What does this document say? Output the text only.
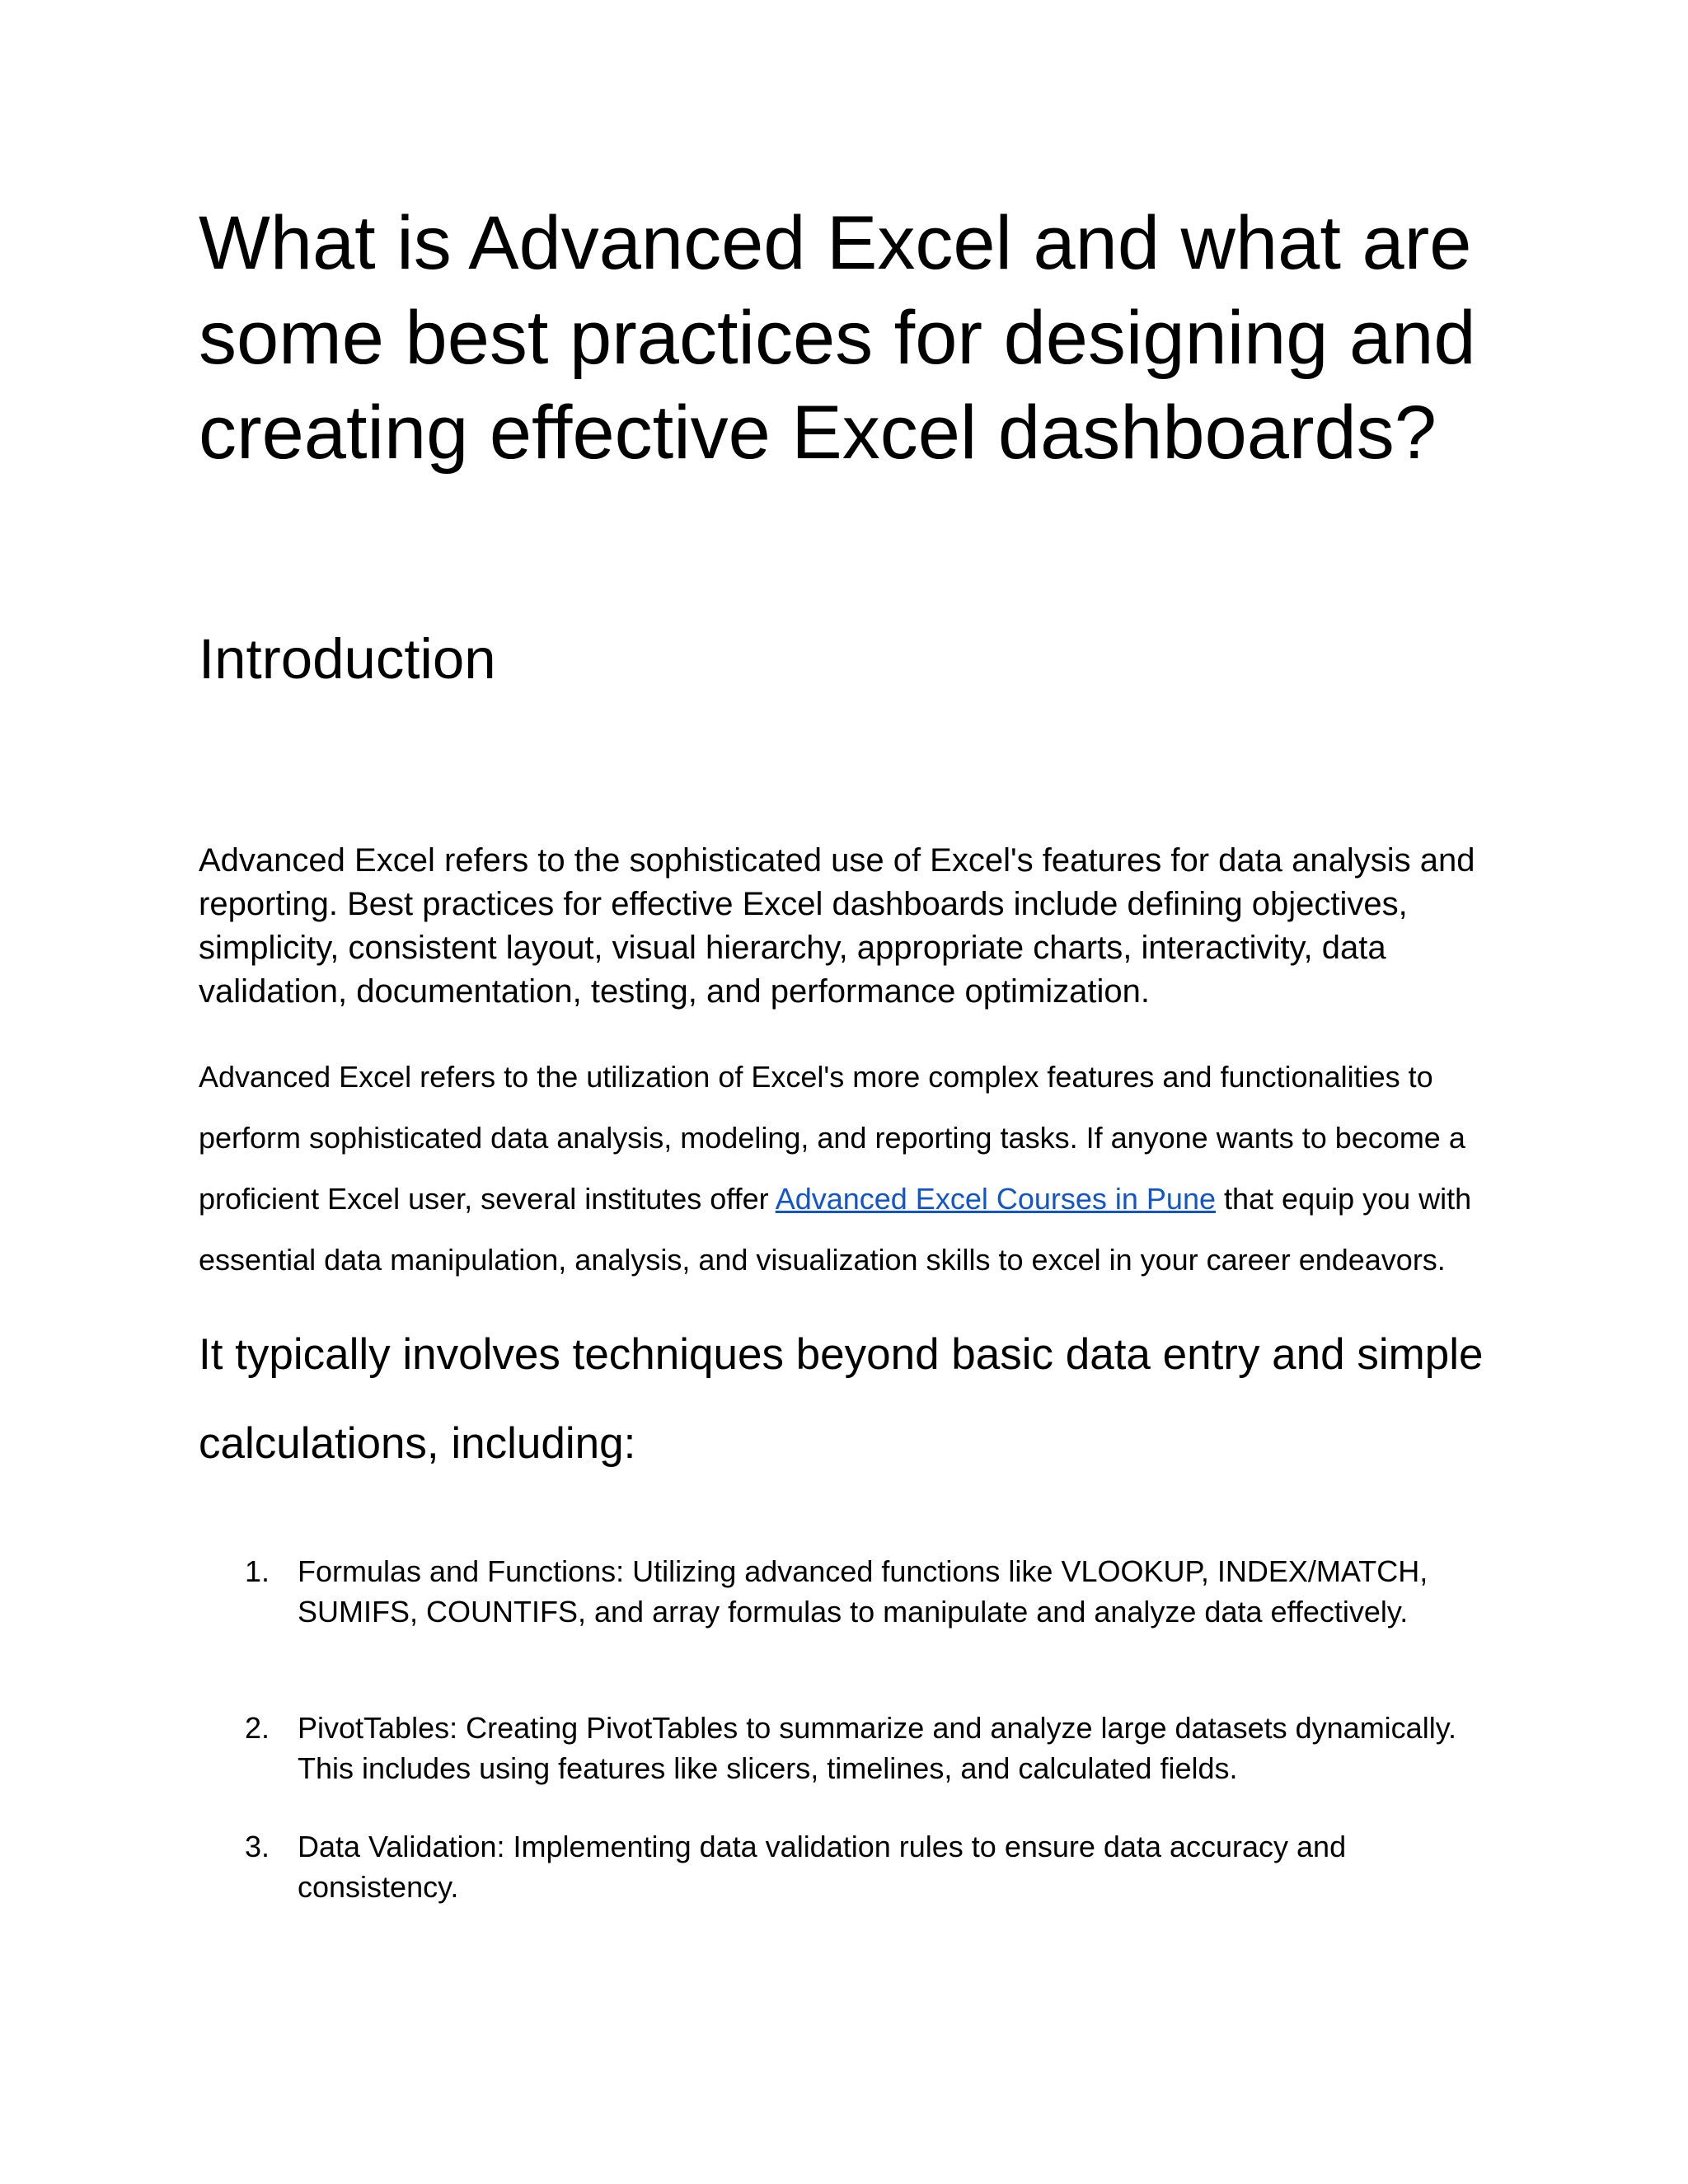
What is Advanced Excel and what are some best practices for designing and creating effective Excel dashboards?
Introduction

Advanced Excel refers to the sophisticated use of Excel's features for data analysis and reporting. Best practices for effective Excel dashboards include defining objectives, simplicity, consistent layout, visual hierarchy, appropriate charts, interactivity, data validation, documentation, testing, and performance optimization.

Advanced Excel refers to the utilization of Excel's more complex features and functionalities to perform sophisticated data analysis, modeling, and reporting tasks. If anyone wants to become a proficient Excel user, several institutes offer Advanced Excel Courses in Pune that equip you with essential data manipulation, analysis, and visualization skills to excel in your career endeavors.

It typically involves techniques beyond basic data entry and simple calculations, including:
1. Formulas and Functions: Utilizing advanced functions like VLOOKUP, INDEX/MATCH, SUMIFS, COUNTIFS, and array formulas to manipulate and analyze data effectively.
2. PivotTables: Creating PivotTables to summarize and analyze large datasets dynamically. This includes using features like slicers, timelines, and calculated fields.
3. Data Validation: Implementing data validation rules to ensure data accuracy and consistency.
